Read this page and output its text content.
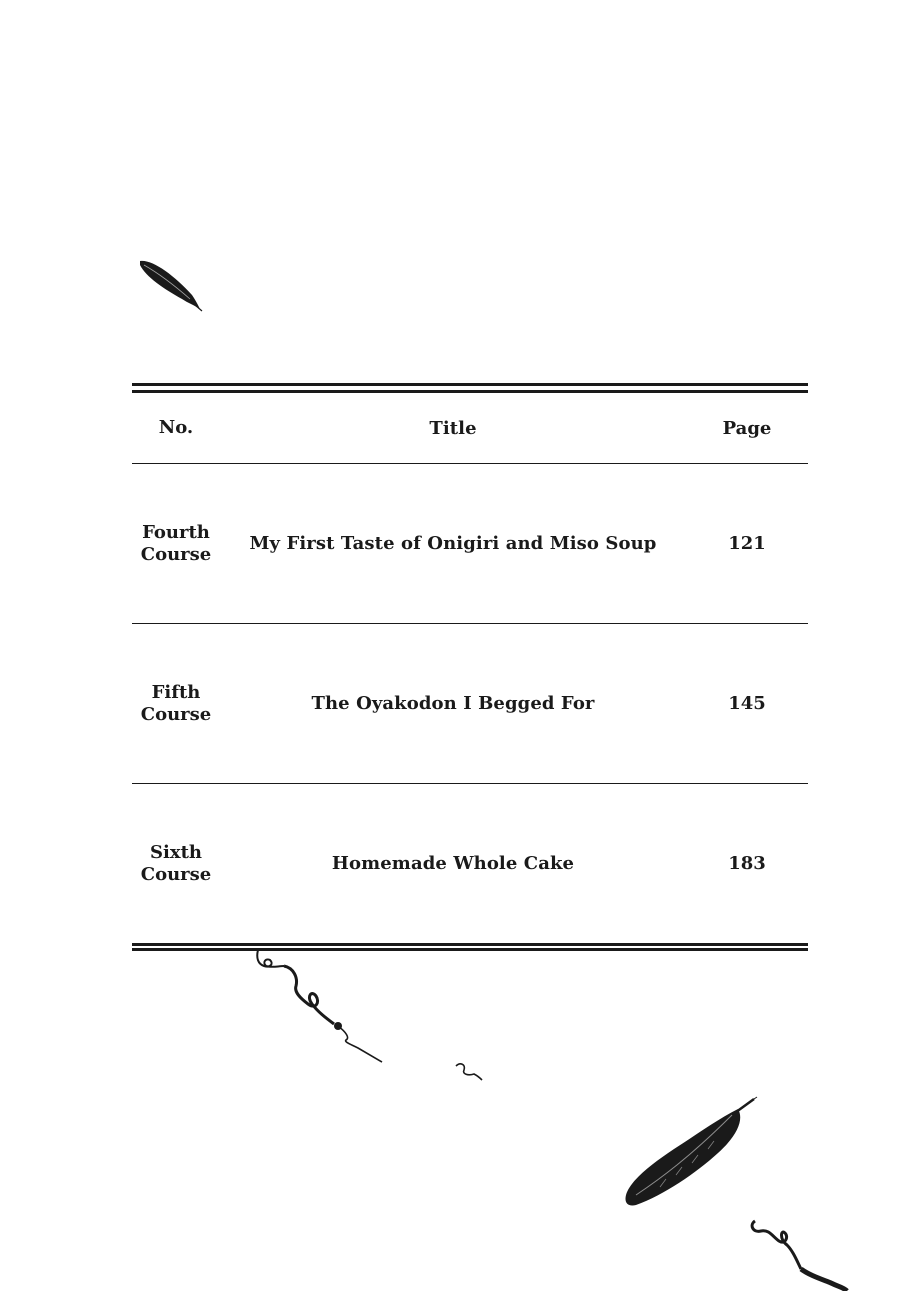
No.	Title	Page
Fourth
Course	My First Taste of Onigiri and Miso Soup	121
Fifth
Course	The Oyakodon I Begged For	145
Sixth
Course	Homemade Whole Cake	183
